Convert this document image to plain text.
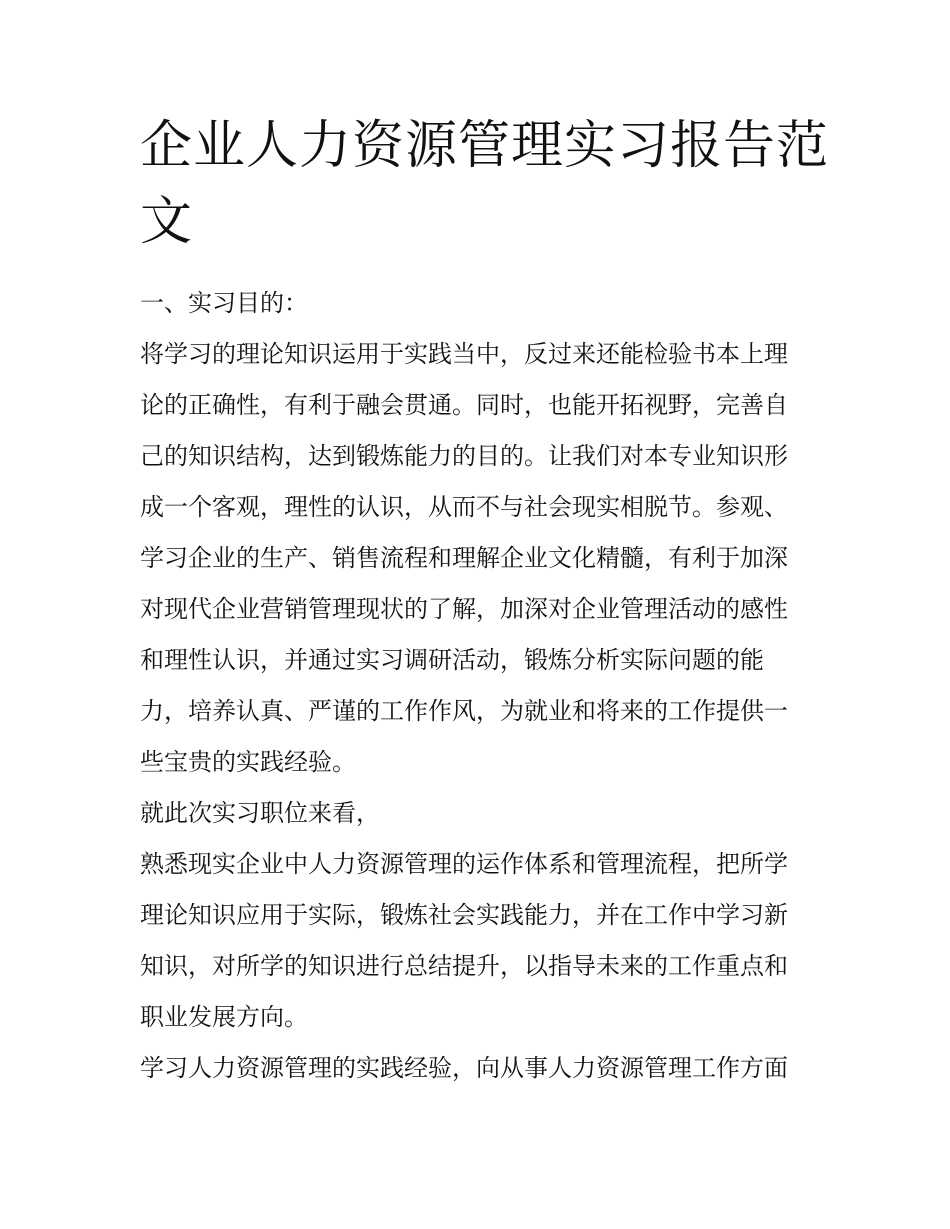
企业人力资源管理实习报告范
文
一、实习目的：
将学习的理论知识运用于实践当中，反过来还能检验书本上理
论的正确性，有利于融会贯通。同时，也能开拓视野，完善自
己的知识结构，达到锻炼能力的目的。让我们对本专业知识形
成一个客观，理性的认识，从而不与社会现实相脱节。参观、
学习企业的生产、销售流程和理解企业文化精髓，有利于加深
对现代企业营销管理现状的了解，加深对企业管理活动的感性
和理性认识，并通过实习调研活动，锻炼分析实际问题的能
力，培养认真、严谨的工作作风，为就业和将来的工作提供一
些宝贵的实践经验。
就此次实习职位来看，
熟悉现实企业中人力资源管理的运作体系和管理流程，把所学
理论知识应用于实际，锻炼社会实践能力，并在工作中学习新
知识，对所学的知识进行总结提升，以指导未来的工作重点和
职业发展方向。
学习人力资源管理的实践经验，向从事人力资源管理工作方面
